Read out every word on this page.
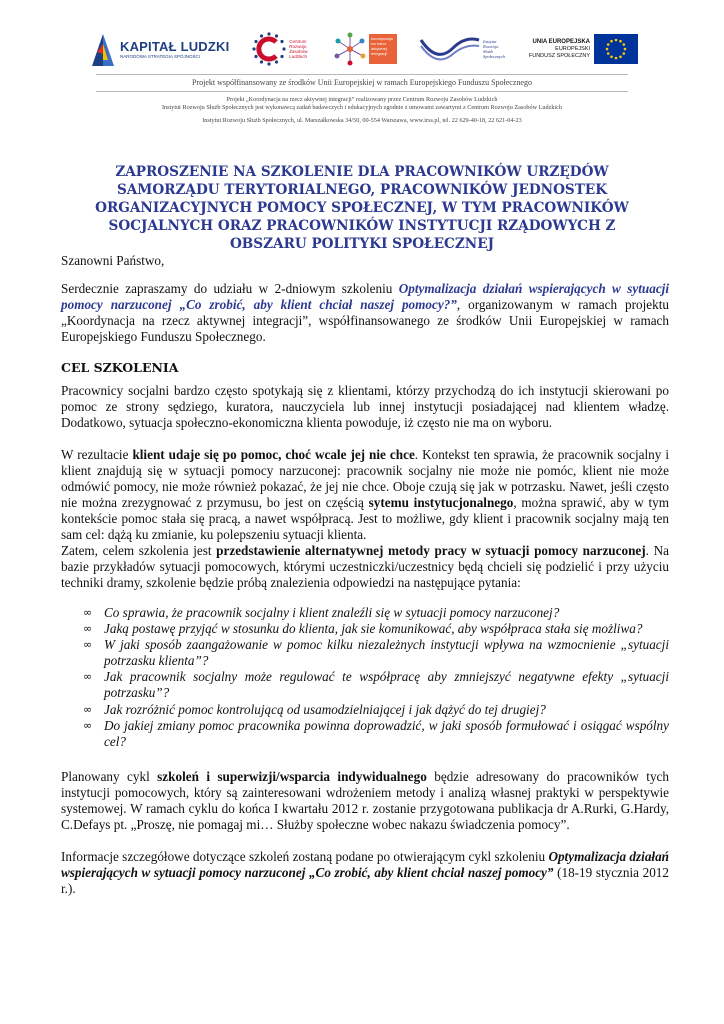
KAPITAŁ LUDZKI
NARODOWA STRATEGIA SPÓJNOŚCI
Centrum Rozwoju Zasobów Ludzkich
koordynacja na rzecz aktywnej integracji
Instytut Rozwoju Służb Społecznych
UNIA EUROPEJSKA
EUROPEJSKI
FUNDUSZ SPOŁECZNY
Projekt współfinansowany ze środków Unii Europejskiej w ramach Europejskiego Funduszu Społecznego
Projekt „Koordynacja na rzecz aktywnej integracji” realizowany przez Centrum Rozwoju Zasobów Ludzkich
Instytut Rozwoju Służb Społecznych jest wykonawcą zadań badawczych i edukacyjnych zgodnie z umowami zawartymi z Centrum Rozwoju Zasobów Ludzkich
Instytut Rozwoju Służb Społecznych, ul. Marszałkowska 34/50, 00-554 Warszawa, www.irss.pl, tel. 22 629-40-18, 22 621-04-23
ZAPROSZENIE NA SZKOLENIE DLA PRACOWNIKÓW URZĘDÓW SAMORZĄDU TERYTORIALNEGO, PRACOWNIKÓW JEDNOSTEK ORGANIZACYJNYCH POMOCY SPOŁECZNEJ, W TYM PRACOWNIKÓW SOCJALNYCH ORAZ PRACOWNIKÓW INSTYTUCJI RZĄDOWYCH Z OBSZARU POLITYKI SPOŁECZNEJ

Szanowni Państwo,

Serdecznie zapraszamy do udziału w 2-dniowym szkoleniu Optymalizacja działań wspierających w sytuacji pomocy narzuconej „Co zrobić, aby klient chciał naszej pomocy?”, organizowanym w ramach projektu „Koordynacja na rzecz aktywnej integracji”, współfinansowanego ze środków Unii Europejskiej w ramach Europejskiego Funduszu Społecznego.

CEL SZKOLENIA

Pracownicy socjalni bardzo często spotykają się z klientami, którzy przychodzą do ich instytucji skierowani po pomoc ze strony sędziego, kuratora, nauczyciela lub innej instytucji posiadającej nad klientem władzę. Dodatkowo, sytuacja społeczno-ekonomiczna klienta powoduje, iż często nie ma on wyboru.

W rezultacie klient udaje się po pomoc, choć wcale jej nie chce. Kontekst ten sprawia, że pracownik socjalny i klient znajdują się w sytuacji pomocy narzuconej: pracownik socjalny nie może nie pomóc, klient nie może odmówić pomocy, nie może również pokazać, że jej nie chce. Oboje czują się jak w potrzasku. Nawet, jeśli często nie można zrezygnować z przymusu, bo jest on częścią sytemu instytucjonalnego, można sprawić, aby w tym kontekście pomoc stała się pracą, a nawet współpracą. Jest to możliwe, gdy klient i pracownik socjalny mają ten sam cel: dążą ku zmianie, ku polepszeniu sytuacji klienta.

Zatem, celem szkolenia jest przedstawienie alternatywnej metody pracy w sytuacji pomocy narzuconej. Na bazie przykładów sytuacji pomocowych, którymi uczestniczki/uczestnicy będą chcieli się podzielić i przy użyciu techniki dramy, szkolenie będzie próbą znalezienia odpowiedzi na następujące pytania:

∞ Co sprawia, że pracownik socjalny i klient znaleźli się w sytuacji pomocy narzuconej?
∞ Jaką postawę przyjąć w stosunku do klienta, jak sie komunikować, aby współpraca stała się możliwa?
∞ W jaki sposób zaangażowanie w pomoc kilku niezależnych instytucji wpływa na wzmocnienie „sytuacji potrzasku klienta”?
∞ Jak pracownik socjalny może regulować te współpracę aby zmniejszyć negatywne efekty „sytuacji potrzasku”?
∞ Jak rozróżnić pomoc kontrolującą od usamodzielniającej i jak dążyć do tej drugiej?
∞ Do jakiej zmiany pomoc pracownika powinna doprowadzić, w jaki sposób formułować i osiągać wspólny cel?

Planowany cykl szkoleń i superwizji/wsparcia indywidualnego będzie adresowany do pracowników tych instytucji pomocowych, który są zainteresowani wdrożeniem metody i analizą własnej praktyki w perspektywie systemowej. W ramach cyklu do końca I kwartału 2012 r. zostanie przygotowana publikacja dr A.Rurki, G.Hardy, C.Defays pt. „Proszę, nie pomagaj mi… Służby społeczne wobec nakazu świadczenia pomocy”.

Informacje szczegółowe dotyczące szkoleń zostaną podane po otwierającym cykl szkoleniu Optymalizacja działań wspierających w sytuacji pomocy narzuconej „Co zrobić, aby klient chciał naszej pomocy” (18-19 stycznia 2012 r.).
